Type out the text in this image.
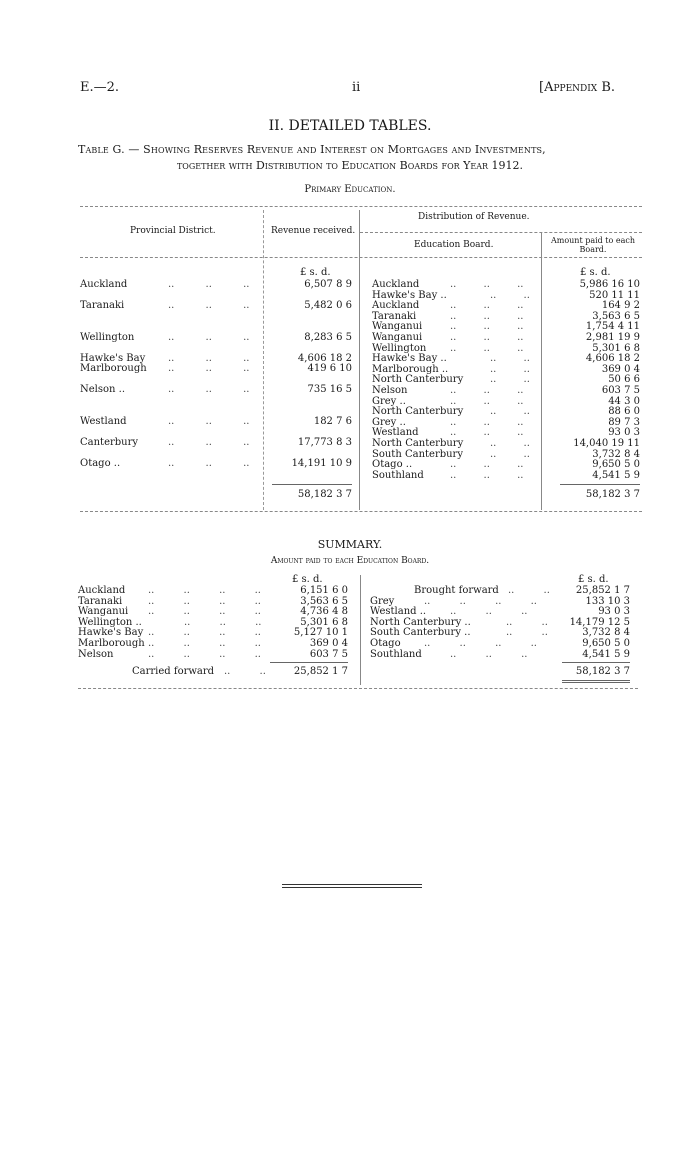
E.—2.	ii	[Appendix B.
II. DETAILED TABLES.
Table G. — Showing Reserves Revenue and Interest on Mortgages and Investments,
together with Distribution to Education Boards for Year 1912.
Primary Education.
Provincial District.	Revenue received.
Distribution of Revenue.
Education Board.	Amount paid to each Board.
£ s. d.	£ s. d.
Auckland	.. .. ..	6,507 8 9
Taranaki	.. .. ..	5,482 0 6
Wellington	.. .. ..	8,283 6 5
Hawke's Bay .. .. ..	4,606 18 2
Marlborough .. .. ..	419 6 10
Nelson ..	.. .. ..	735 16 5
Westland	.. .. ..	182 7 6
Canterbury	.. .. ..	17,773 8 3
Otago ..	.. .. ..	14,191 10 9
Auckland	.. .. ..	5,986 16 10
Hawke's Bay ..	.. ..	520 11 11
Auckland	.. .. ..	164 9 2
Taranaki	.. .. ..	3,563 6 5
Wanganui	.. .. ..	1,754 4 11
Wanganui	.. .. ..	2,981 19 9
Wellington .. .. ..	5,301 6 8
Hawke's Bay ..	.. ..	4,606 18 2
Marlborough ..	.. ..	369 0 4
North Canterbury	.. ..	50 6 6
Nelson	.. .. ..	603 7 5
Grey ..	.. .. ..	44 3 0
North Canterbury	.. ..	88 6 0
Grey ..	.. .. ..	89 7 3
Westland	.. .. ..	93 0 3
North Canterbury	.. ..	14,040 19 11
South Canterbury	.. ..	3,732 8 4
Otago ..	.. .. ..	9,650 5 0
Southland	.. .. ..	4,541 5 9
58,182 3 7	58,182 3 7
SUMMARY.
Amount paid to each Education Board.
£ s. d.	£ s. d.
Auckland .. .. .. ..	6,151 6 0
Taranaki	.. .. .. ..	3,563 6 5
Wanganui .. .. .. ..	4,736 4 8
Wellington ..	.. .. ..	5,301 6 8
Hawke's Bay .. .. .. ..	5,127 10 1
Marlborough .. .. .. ..	369 0 4
Nelson	.. .. .. ..	603 7 5
Carried forward .. ..	25,852 1 7
Brought forward .. ..	25,852 1 7
Grey	.. .. .. ..	133 10 3
Westland .. .. .. ..	93 0 3
North Canterbury ..	.. .. 14,179 12 5
South Canterbury ..	.. ..	3,732 8 4
Otago .. .. .. ..	9,650 5 0
Southland	.. .. ..	4,541 5 9
58,182 3 7
